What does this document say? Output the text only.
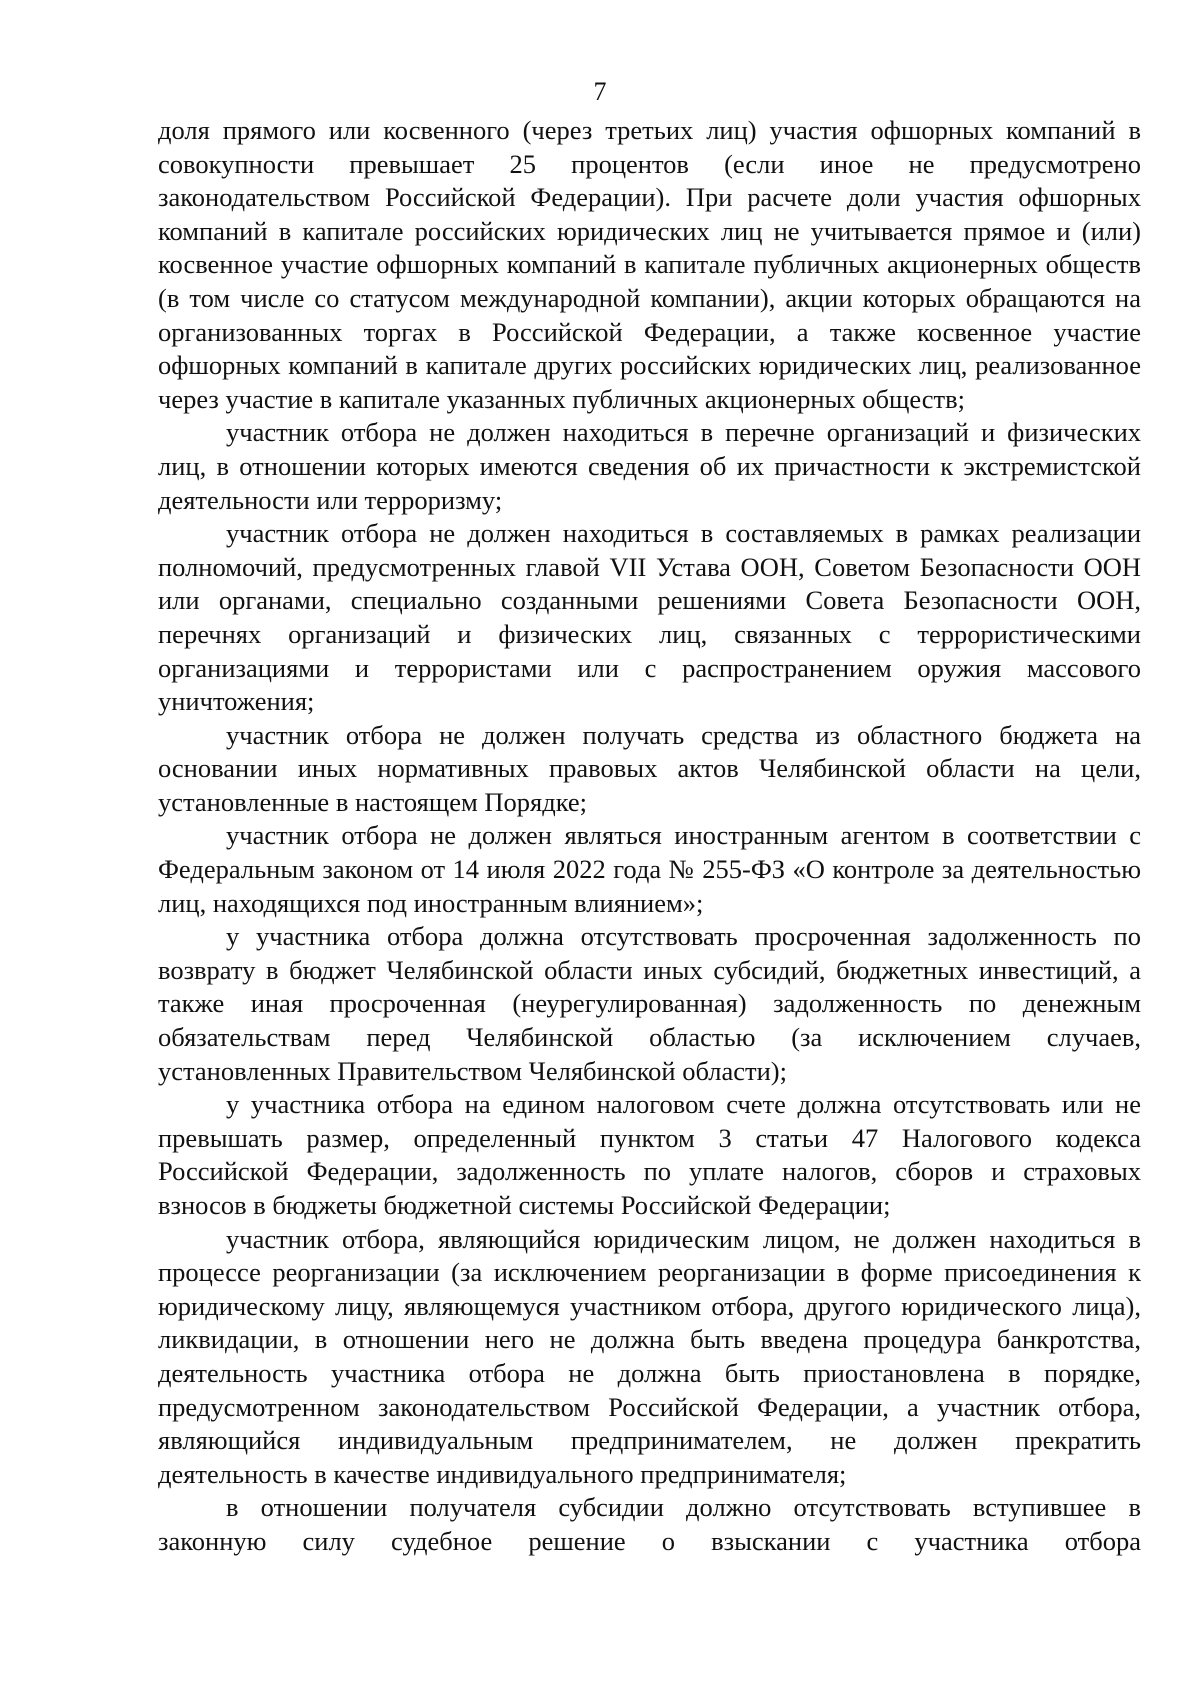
7

доля прямого или косвенного (через третьих лиц) участия офшорных компаний в совокупности превышает 25 процентов (если иное не предусмотрено законодательством Российской Федерации). При расчете доли участия офшорных компаний в капитале российских юридических лиц не учитывается прямое и (или) косвенное участие офшорных компаний в капитале публичных акционерных обществ (в том числе со статусом международной компании), акции которых обращаются на организованных торгах в Российской Федерации, а также косвенное участие офшорных компаний в капитале других российских юридических лиц, реализованное через участие в капитале указанных публичных акционерных обществ;

участник отбора не должен находиться в перечне организаций и физических лиц, в отношении которых имеются сведения об их причастности к экстремистской деятельности или терроризму;

участник отбора не должен находиться в составляемых в рамках реализации полномочий, предусмотренных главой VII Устава ООН, Советом Безопасности ООН или органами, специально созданными решениями Совета Безопасности ООН, перечнях организаций и физических лиц, связанных с террористическими организациями и террористами или с распространением оружия массового уничтожения;

участник отбора не должен получать средства из областного бюджета на основании иных нормативных правовых актов Челябинской области на цели, установленные в настоящем Порядке;

участник отбора не должен являться иностранным агентом в соответствии с Федеральным законом от 14 июля 2022 года № 255-ФЗ «О контроле за деятельностью лиц, находящихся под иностранным влиянием»;

у участника отбора должна отсутствовать просроченная задолженность по возврату в бюджет Челябинской области иных субсидий, бюджетных инвестиций, а также иная просроченная (неурегулированная) задолженность по денежным обязательствам перед Челябинской областью (за исключением случаев, установленных Правительством Челябинской области);

у участника отбора на едином налоговом счете должна отсутствовать или не превышать размер, определенный пунктом 3 статьи 47 Налогового кодекса Российской Федерации, задолженность по уплате налогов, сборов и страховых взносов в бюджеты бюджетной системы Российской Федерации;

участник отбора, являющийся юридическим лицом, не должен находиться в процессе реорганизации (за исключением реорганизации в форме присоединения к юридическому лицу, являющемуся участником отбора, другого юридического лица), ликвидации, в отношении него не должна быть введена процедура банкротства, деятельность участника отбора не должна быть приостановлена в порядке, предусмотренном законодательством Российской Федерации, а участник отбора, являющийся индивидуальным предпринимателем, не должен прекратить деятельность в качестве индивидуального предпринимателя;

в отношении получателя субсидии должно отсутствовать вступившее в законную силу судебное решение о взыскании с участника отбора
